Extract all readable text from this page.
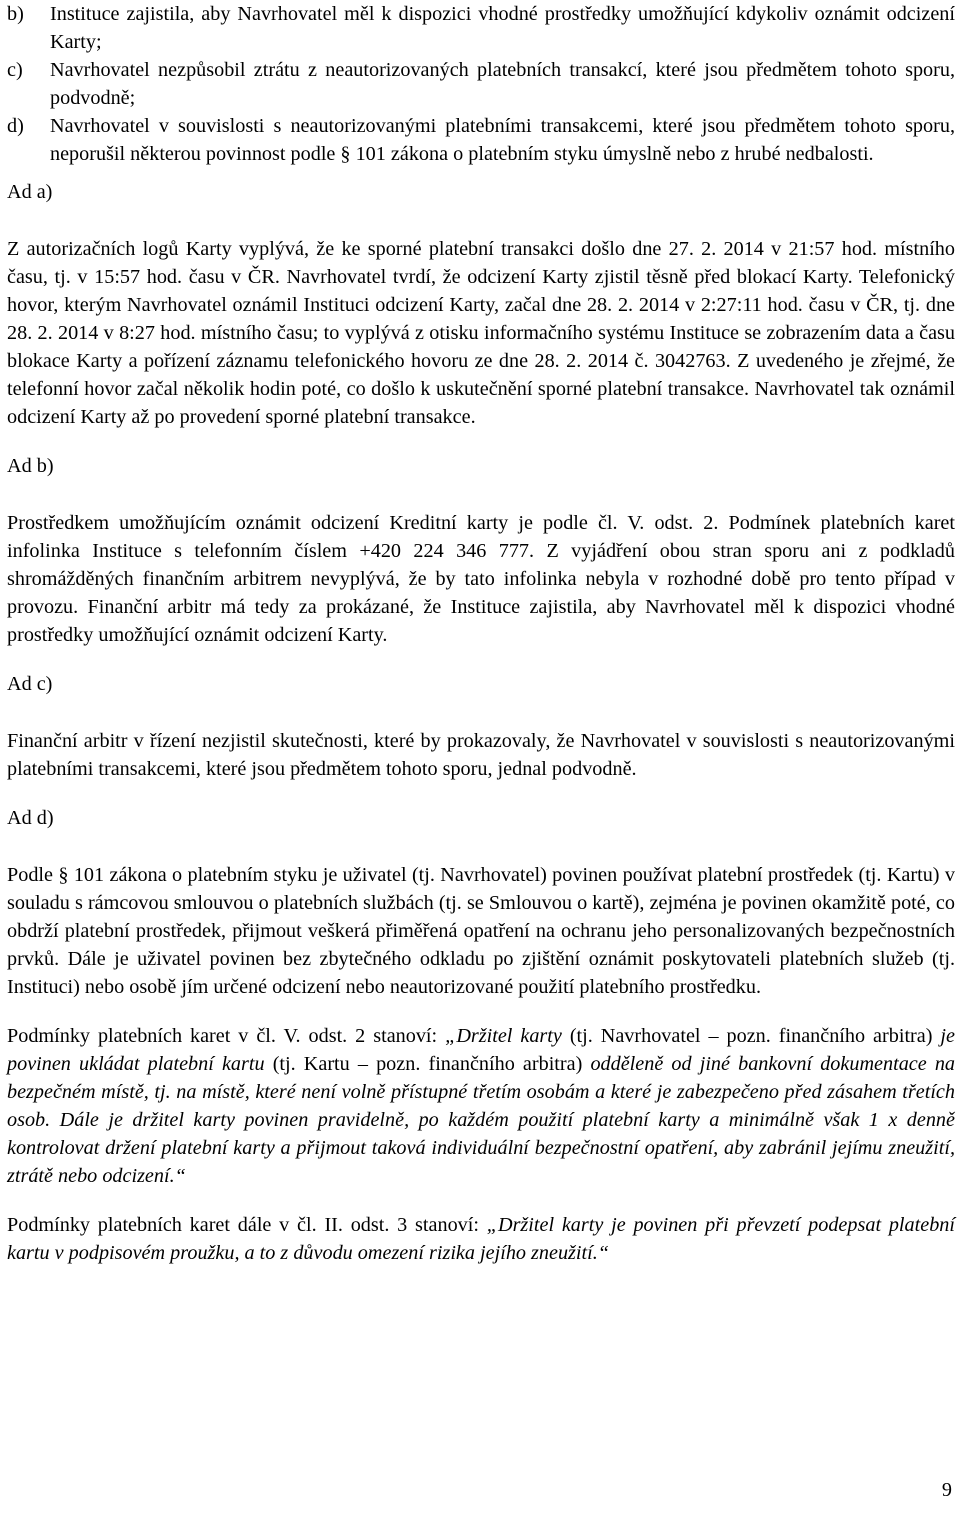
b) Instituce zajistila, aby Navrhovatel měl k dispozici vhodné prostředky umožňující kdykoliv oznámit odcizení Karty;
c) Navrhovatel nezpůsobil ztrátu z neautorizovaných platebních transakcí, které jsou předmětem tohoto sporu, podvodně;
d) Navrhovatel v souvislosti s neautorizovanými platebními transakcemi, které jsou předmětem tohoto sporu, neporušil některou povinnost podle § 101 zákona o platebním styku úmyslně nebo z hrubé nedbalosti.

Ad a)

Z autorizačních logů Karty vyplývá, že ke sporné platební transakci došlo dne 27. 2. 2014 v 21:57 hod. místního času, tj. v 15:57 hod. času v ČR. Navrhovatel tvrdí, že odcizení Karty zjistil těsně před blokací Karty. Telefonický hovor, kterým Navrhovatel oznámil Instituci odcizení Karty, začal dne 28. 2. 2014 v 2:27:11 hod. času v ČR, tj. dne 28. 2. 2014 v 8:27 hod. místního času; to vyplývá z otisku informačního systému Instituce se zobrazením data a času blokace Karty a pořízení záznamu telefonického hovoru ze dne 28. 2. 2014 č. 3042763. Z uvedeného je zřejmé, že telefonní hovor začal několik hodin poté, co došlo k uskutečnění sporné platební transakce. Navrhovatel tak oznámil odcizení Karty až po provedení sporné platební transakce.

Ad b)

Prostředkem umožňujícím oznámit odcizení Kreditní karty je podle čl. V. odst. 2. Podmínek platebních karet infolinka Instituce s telefonním číslem +420 224 346 777. Z vyjádření obou stran sporu ani z podkladů shromážděných finančním arbitrem nevyplývá, že by tato infolinka nebyla v rozhodné době pro tento případ v provozu. Finanční arbitr má tedy za prokázané, že Instituce zajistila, aby Navrhovatel měl k dispozici vhodné prostředky umožňující oznámit odcizení Karty.

Ad c)

Finanční arbitr v řízení nezjistil skutečnosti, které by prokazovaly, že Navrhovatel v souvislosti s neautorizovanými platebními transakcemi, které jsou předmětem tohoto sporu, jednal podvodně.

Ad d)

Podle § 101 zákona o platebním styku je uživatel (tj. Navrhovatel) povinen používat platební prostředek (tj. Kartu) v souladu s rámcovou smlouvou o platebních službách (tj. se Smlouvou o kartě), zejména je povinen okamžitě poté, co obdrží platební prostředek, přijmout veškerá přiměřená opatření na ochranu jeho personalizovaných bezpečnostních prvků. Dále je uživatel povinen bez zbytečného odkladu po zjištění oznámit poskytovateli platebních služeb (tj. Instituci) nebo osobě jím určené odcizení nebo neautorizované použití platebního prostředku.

Podmínky platebních karet v čl. V. odst. 2 stanoví: „Držitel karty (tj. Navrhovatel – pozn. finančního arbitra) je povinen ukládat platební kartu (tj. Kartu – pozn. finančního arbitra) odděleně od jiné bankovní dokumentace na bezpečném místě, tj. na místě, které není volně přístupné třetím osobám a které je zabezpečeno před zásahem třetích osob. Dále je držitel karty povinen pravidelně, po každém použití platební karty a minimálně však 1 x denně kontrolovat držení platební karty a přijmout taková individuální bezpečnostní opatření, aby zabránil jejímu zneužití, ztrátě nebo odcizení.“

Podmínky platebních karet dále v čl. II. odst. 3 stanoví: „Držitel karty je povinen při převzetí podepsat platební kartu v podpisovém proužku, a to z důvodu omezení rizika jejího zneužití.“

9
